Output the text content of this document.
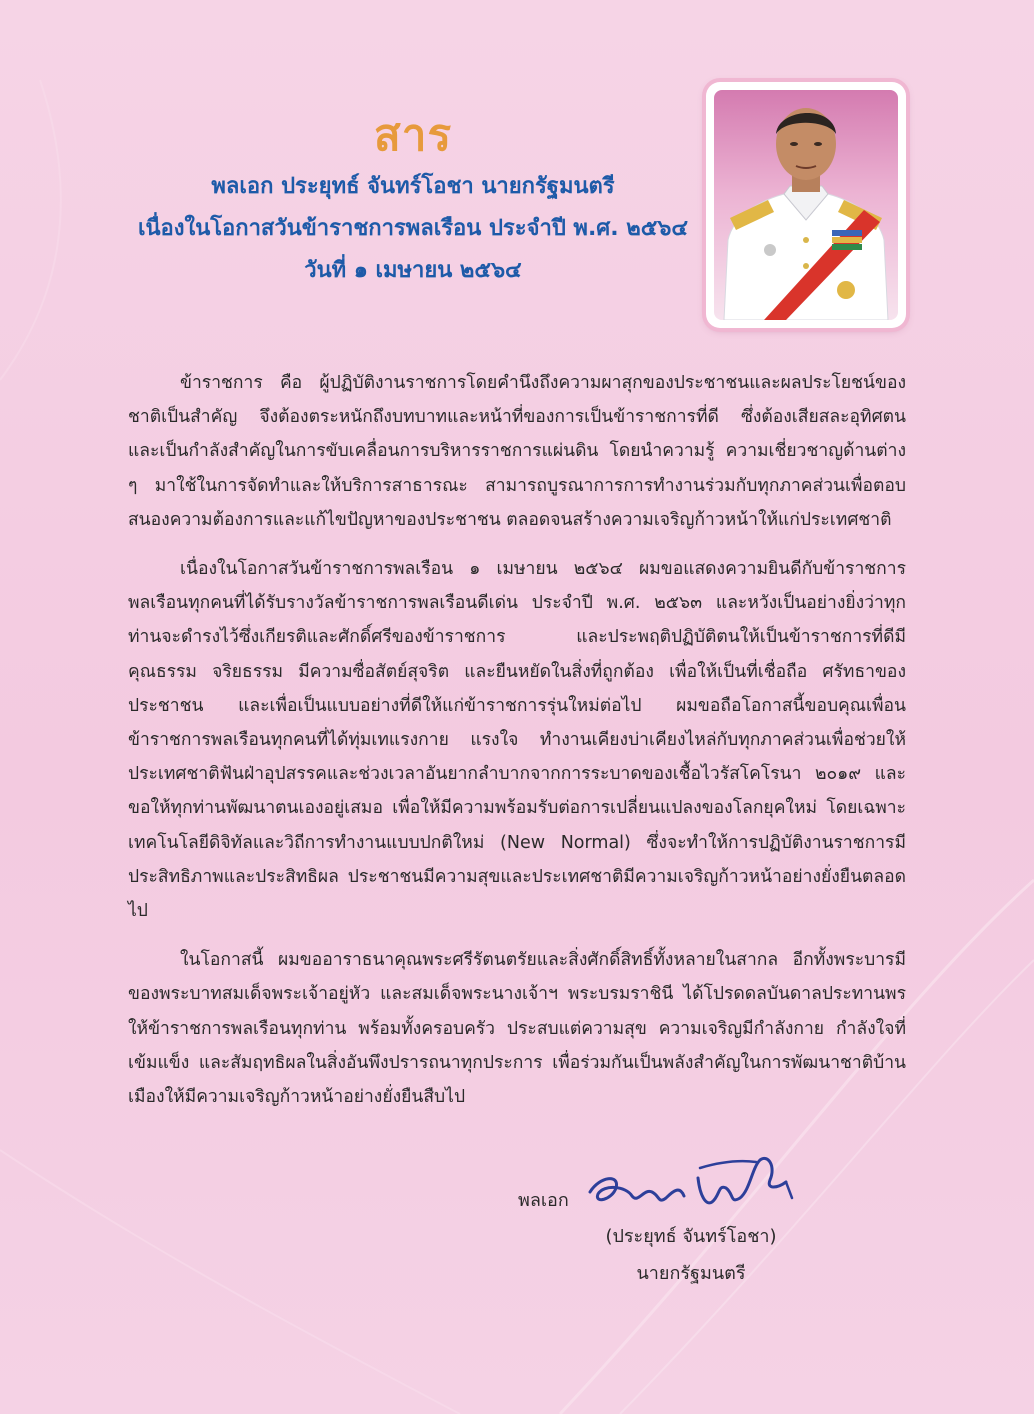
สาร
พลเอก ประยุทธ์ จันทร์โอชา นายกรัฐมนตรี
เนื่องในโอกาสวันข้าราชการพลเรือน ประจำปี พ.ศ. ๒๕๖๔
วันที่ ๑ เมษายน ๒๕๖๔

ข้าราชการ คือ ผู้ปฏิบัติงานราชการโดยคำนึงถึงความผาสุกของประชาชนและผลประโยชน์ของชาติเป็นสำคัญ จึงต้องตระหนักถึงบทบาทและหน้าที่ของการเป็นข้าราชการที่ดี ซึ่งต้องเสียสละอุทิศตน และเป็นกำลังสำคัญในการขับเคลื่อนการบริหารราชการแผ่นดิน โดยนำความรู้ ความเชี่ยวชาญด้านต่าง ๆ มาใช้ในการจัดทำและให้บริการสาธารณะ สามารถบูรณาการการทำงานร่วมกับทุกภาคส่วนเพื่อตอบสนองความต้องการและแก้ไขปัญหาของประชาชน ตลอดจนสร้างความเจริญก้าวหน้าให้แก่ประเทศชาติ

เนื่องในโอกาสวันข้าราชการพลเรือน ๑ เมษายน ๒๕๖๔ ผมขอแสดงความยินดีกับข้าราชการพลเรือนทุกคนที่ได้รับรางวัลข้าราชการพลเรือนดีเด่น ประจำปี พ.ศ. ๒๕๖๓ และหวังเป็นอย่างยิ่งว่าทุกท่านจะดำรงไว้ซึ่งเกียรติและศักดิ์ศรีของข้าราชการ และประพฤติปฏิบัติตนให้เป็นข้าราชการที่ดีมีคุณธรรม จริยธรรม มีความซื่อสัตย์สุจริต และยืนหยัดในสิ่งที่ถูกต้อง เพื่อให้เป็นที่เชื่อถือ ศรัทธาของประชาชน และเพื่อเป็นแบบอย่างที่ดีให้แก่ข้าราชการรุ่นใหม่ต่อไป ผมขอถือโอกาสนี้ขอบคุณเพื่อนข้าราชการพลเรือนทุกคนที่ได้ทุ่มเทแรงกาย แรงใจ ทำงานเคียงบ่าเคียงไหล่กับทุกภาคส่วนเพื่อช่วยให้ประเทศชาติฟันฝ่าอุปสรรคและช่วงเวลาอันยากลำบากจากการระบาดของเชื้อไวรัสโคโรนา ๒๐๑๙ และขอให้ทุกท่านพัฒนาตนเองอยู่เสมอ เพื่อให้มีความพร้อมรับต่อการเปลี่ยนแปลงของโลกยุคใหม่ โดยเฉพาะเทคโนโลยีดิจิทัลและวิถีการทำงานแบบปกติใหม่ (New Normal) ซึ่งจะทำให้การปฏิบัติงานราชการมีประสิทธิภาพและประสิทธิผล ประชาชนมีความสุขและประเทศชาติมีความเจริญก้าวหน้าอย่างยั่งยืนตลอดไป

ในโอกาสนี้ ผมขออาราธนาคุณพระศรีรัตนตรัยและสิ่งศักดิ์สิทธิ์ทั้งหลายในสากล อีกทั้งพระบารมีของพระบาทสมเด็จพระเจ้าอยู่หัว และสมเด็จพระนางเจ้าฯ พระบรมราชินี ได้โปรดดลบันดาลประทานพรให้ข้าราชการพลเรือนทุกท่าน พร้อมทั้งครอบครัว ประสบแต่ความสุข ความเจริญมีกำลังกาย กำลังใจที่เข้มแข็ง และสัมฤทธิผลในสิ่งอันพึงปรารถนาทุกประการ เพื่อร่วมกันเป็นพลังสำคัญในการพัฒนาชาติบ้านเมืองให้มีความเจริญก้าวหน้าอย่างยั่งยืนสืบไป

พลเอก
(ประยุทธ์ จันทร์โอชา)
นายกรัฐมนตรี
